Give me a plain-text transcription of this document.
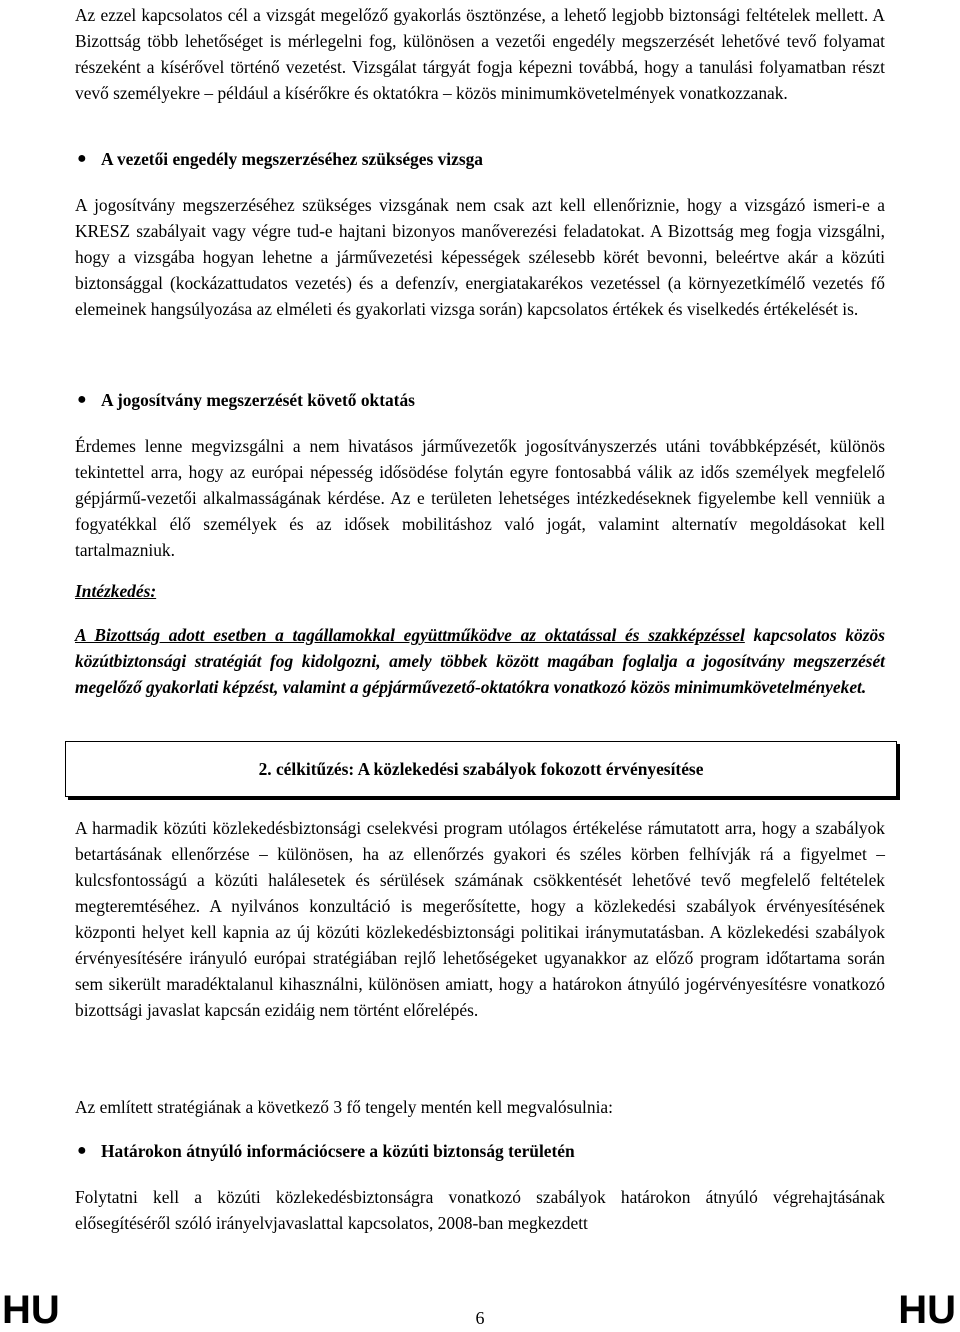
Az ezzel kapcsolatos cél a vizsgát megelőző gyakorlás ösztönzése, a lehető legjobb biztonsági feltételek mellett. A Bizottság több lehetőséget is mérlegelni fog, különösen a vezetői engedély megszerzését lehetővé tevő folyamat részeként a kísérővel történő vezetést. Vizsgálat tárgyát fogja képezni továbbá, hogy a tanulási folyamatban részt vevő személyekre – például a kísérőkre és oktatókra – közös minimumkövetelmények vonatkozzanak.

● A vezetői engedély megszerzéséhez szükséges vizsga

A jogosítvány megszerzéséhez szükséges vizsgának nem csak azt kell ellenőriznie, hogy a vizsgázó ismeri-e a KRESZ szabályait vagy végre tud-e hajtani bizonyos manőverezési feladatokat. A Bizottság meg fogja vizsgálni, hogy a vizsgába hogyan lehetne a járművezetési képességek szélesebb körét bevonni, beleértve akár a közúti biztonsággal (kockázattudatos vezetés) és a defenzív, energiatakarékos vezetéssel (a környezetkímélő vezetés fő elemeinek hangsúlyozása az elméleti és gyakorlati vizsga során) kapcsolatos értékek és viselkedés értékelését is.

● A jogosítvány megszerzését követő oktatás

Érdemes lenne megvizsgálni a nem hivatásos járművezetők jogosítványszerzés utáni továbbképzését, különös tekintettel arra, hogy az európai népesség idősödése folytán egyre fontosabbá válik az idős személyek megfelelő gépjármű-vezetői alkalmasságának kérdése. Az e területen lehetséges intézkedéseknek figyelembe kell venniük a fogyatékkal élő személyek és az idősek mobilitáshoz való jogát, valamint alternatív megoldásokat kell tartalmazniuk.

Intézkedés:

A Bizottság adott esetben a tagállamokkal együttműködve az oktatással és szakképzéssel kapcsolatos közös közútbiztonsági stratégiát fog kidolgozni, amely többek között magában foglalja a jogosítvány megszerzését megelőző gyakorlati képzést, valamint a gépjárművezető-oktatókra vonatkozó közös minimumkövetelményeket.

2. célkitűzés: A közlekedési szabályok fokozott érvényesítése

A harmadik közúti közlekedésbiztonsági cselekvési program utólagos értékelése rámutatott arra, hogy a szabályok betartásának ellenőrzése – különösen, ha az ellenőrzés gyakori és széles körben felhívják rá a figyelmet – kulcsfontosságú a közúti halálesetek és sérülések számának csökkentését lehetővé tevő megfelelő feltételek megteremtéséhez. A nyilvános konzultáció is megerősítette, hogy a közlekedési szabályok érvényesítésének központi helyet kell kapnia az új közúti közlekedésbiztonsági politikai iránymutatásban. A közlekedési szabályok érvényesítésére irányuló európai stratégiában rejlő lehetőségeket ugyanakkor az előző program időtartama során sem sikerült maradéktalanul kihasználni, különösen amiatt, hogy a határokon átnyúló jogérvényesítésre vonatkozó bizottsági javaslat kapcsán ezidáig nem történt előrelépés.

Az említett stratégiának a következő 3 fő tengely mentén kell megvalósulnia:

● Határokon átnyúló információcsere a közúti biztonság területén

Folytatni kell a közúti közlekedésbiztonságra vonatkozó szabályok határokon átnyúló végrehajtásának elősegítéséről szóló irányelvjavaslattal kapcsolatos, 2008-ban megkezdett

HU	6	HU
